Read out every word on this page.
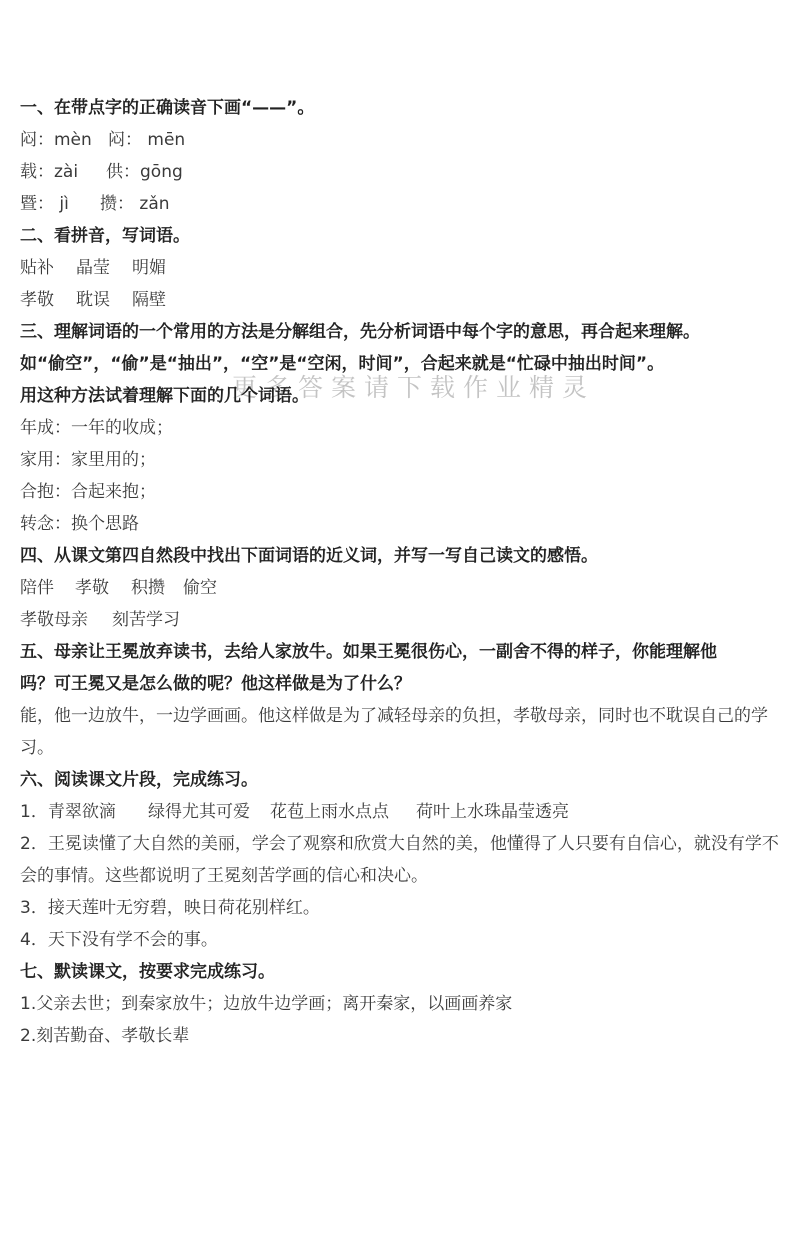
更多答案请下载作业精灵
一、在带点字的正确读音下画“——”。
闷：mèn 闷： mēn
载：zài 供：gōng
暨： jì 攒： zǎn
二、看拼音，写词语。
贴补 晶莹 明媚
孝敬 耽误 隔壁
三、理解词语的一个常用的方法是分解组合，先分析词语中每个字的意思，再合起来理解。
如“偷空”，“偷”是“抽出”，“空”是“空闲，时间”，合起来就是“忙碌中抽出时间”。
用这种方法试着理解下面的几个词语。
年成：一年的收成；
家用：家里用的；
合抱：合起来抱；
转念：换个思路
四、从课文第四自然段中找出下面词语的近义词，并写一写自己读文的感悟。
陪伴 孝敬 积攒 偷空
孝敬母亲 刻苦学习
五、母亲让王冕放弃读书，去给人家放牛。如果王冕很伤心，一副舍不得的样子，你能理解他
吗？可王冕又是怎么做的呢？他这样做是为了什么？
能，他一边放牛，一边学画画。他这样做是为了减轻母亲的负担，孝敬母亲，同时也不耽误自己的学习。
六、阅读课文片段，完成练习。
1．青翠欲滴 绿得尤其可爱 花苞上雨水点点 荷叶上水珠晶莹透亮
2．王冕读懂了大自然的美丽，学会了观察和欣赏大自然的美，他懂得了人只要有自信心，就没有学不会的事情。这些都说明了王冕刻苦学画的信心和决心。
3．接天莲叶无穷碧，映日荷花别样红。
4．天下没有学不会的事。
七、默读课文，按要求完成练习。
1.父亲去世；到秦家放牛；边放牛边学画；离开秦家，以画画养家
2.刻苦勤奋、孝敬长辈
